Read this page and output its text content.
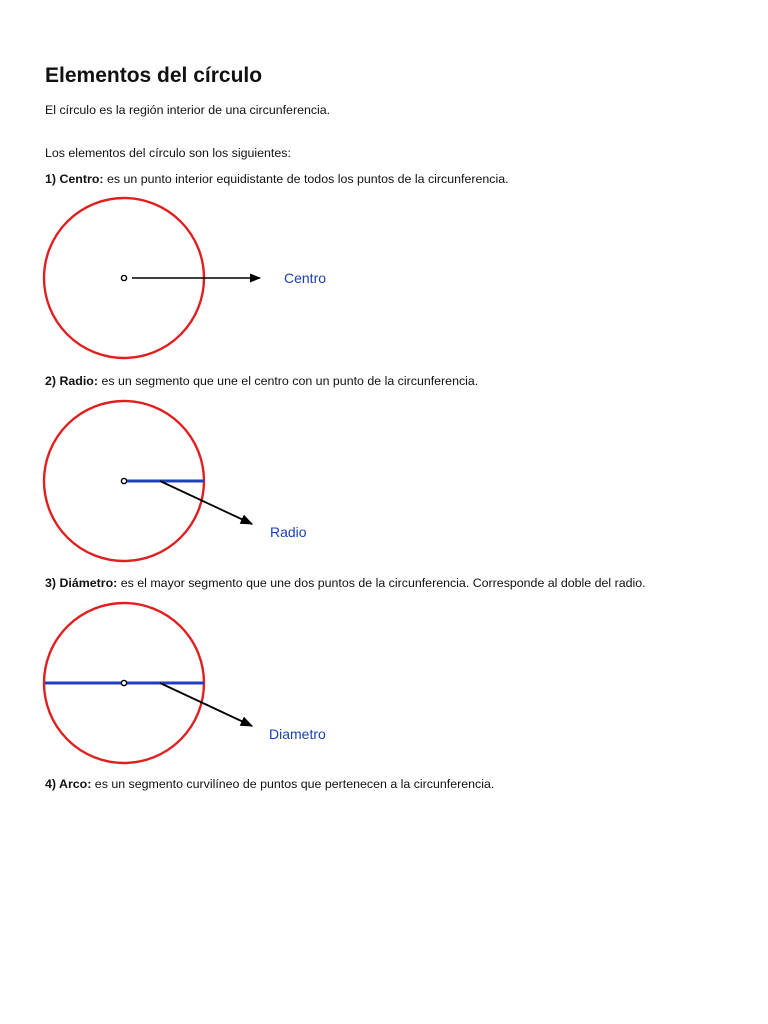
Elementos del círculo

El círculo es la región interior de una circunferencia.

Los elementos del círculo son los siguientes:

1) Centro: es un punto interior equidistante de todos los puntos de la circunferencia.

Centro

2) Radio: es un segmento que une el centro con un punto de la circunferencia.

Radio

3) Diámetro: es el mayor segmento que une dos puntos de la circunferencia. Corresponde al doble del radio.

Diametro

4) Arco: es un segmento curvilíneo de puntos que pertenecen a la circunferencia.
